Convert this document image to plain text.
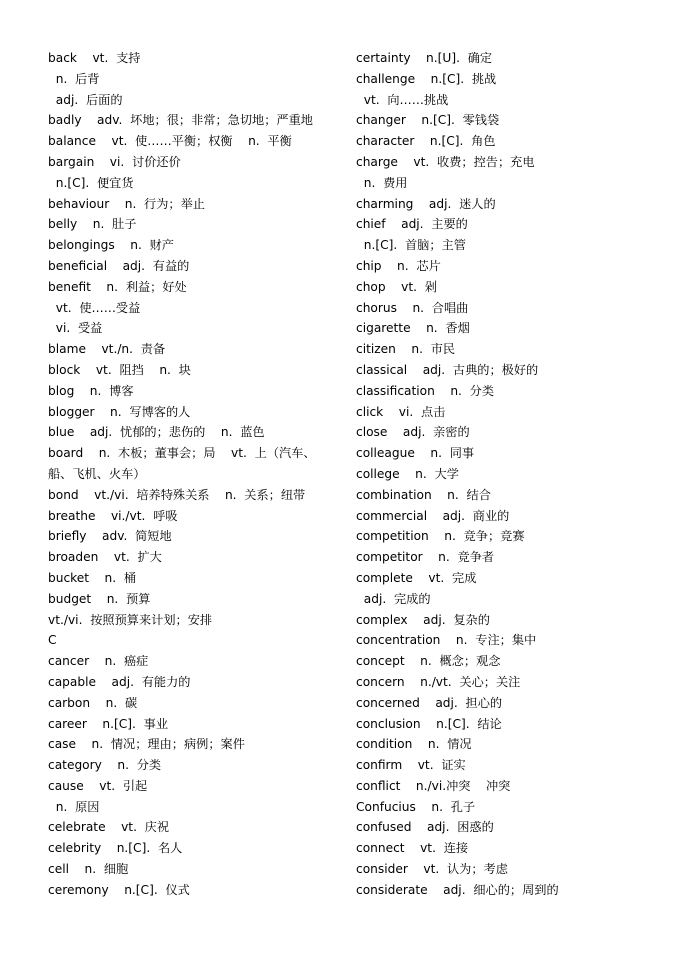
back    vt.  支持
n.  后背
adj.  后面的
badly    adv.  坏地；很；非常；急切地；严重地
balance    vt.  使……平衡；权衡    n.  平衡
bargain    vi.  讨价还价
n.[C].  便宜货
behaviour    n.  行为；举止
belly    n.  肚子
belongings    n.  财产
beneficial    adj.  有益的
benefit    n.  利益；好处
vt.  使……受益
vi.  受益
blame    vt./n.  责备
block    vt.  阻挡    n.  块
blog    n.  博客
blogger    n.  写博客的人
blue    adj.  忧郁的；悲伤的    n.  蓝色
board    n.  木板；董事会；局    vt.  上（汽车、
船、飞机、火车）
bond    vt./vi.  培养特殊关系    n.  关系；纽带
breathe    vi./vt.  呼吸
briefly    adv.  简短地
broaden    vt.  扩大
bucket    n.  桶
budget    n.  预算
vt./vi.  按照预算来计划；安排
C
cancer    n.  癌症
capable    adj.  有能力的
carbon    n.  碳
career    n.[C].  事业
case    n.  情况；理由；病例；案件
category    n.  分类
cause    vt.  引起
n.  原因
celebrate    vt.  庆祝
celebrity    n.[C].  名人
cell    n.  细胞
ceremony    n.[C].  仪式
certainty    n.[U].  确定
challenge    n.[C].  挑战
vt.  向……挑战
changer    n.[C].  零钱袋
character    n.[C].  角色
charge    vt.  收费；控告；充电
n.  费用
charming    adj.  迷人的
chief    adj.  主要的
n.[C].  首脑；主管
chip    n.  芯片
chop    vt.  剁
chorus    n.  合唱曲
cigarette    n.  香烟
citizen    n.  市民
classical    adj.  古典的；极好的
classification    n.  分类
click    vi.  点击
close    adj.  亲密的
colleague    n.  同事
college    n.  大学
combination    n.  结合
commercial    adj.  商业的
competition    n.  竞争；竞赛
competitor    n.  竞争者
complete    vt.  完成
adj.  完成的
complex    adj.  复杂的
concentration    n.  专注；集中
concept    n.  概念；观念
concern    n./vt.  关心；关注
concerned    adj.  担心的
conclusion    n.[C].  结论
condition    n.  情况
confirm    vt.  证实
conflict    n./vi.冲突    冲突
Confucius    n.  孔子
confused    adj.  困惑的
connect    vt.  连接
consider    vt.  认为；考虑
considerate    adj.  细心的；周到的
